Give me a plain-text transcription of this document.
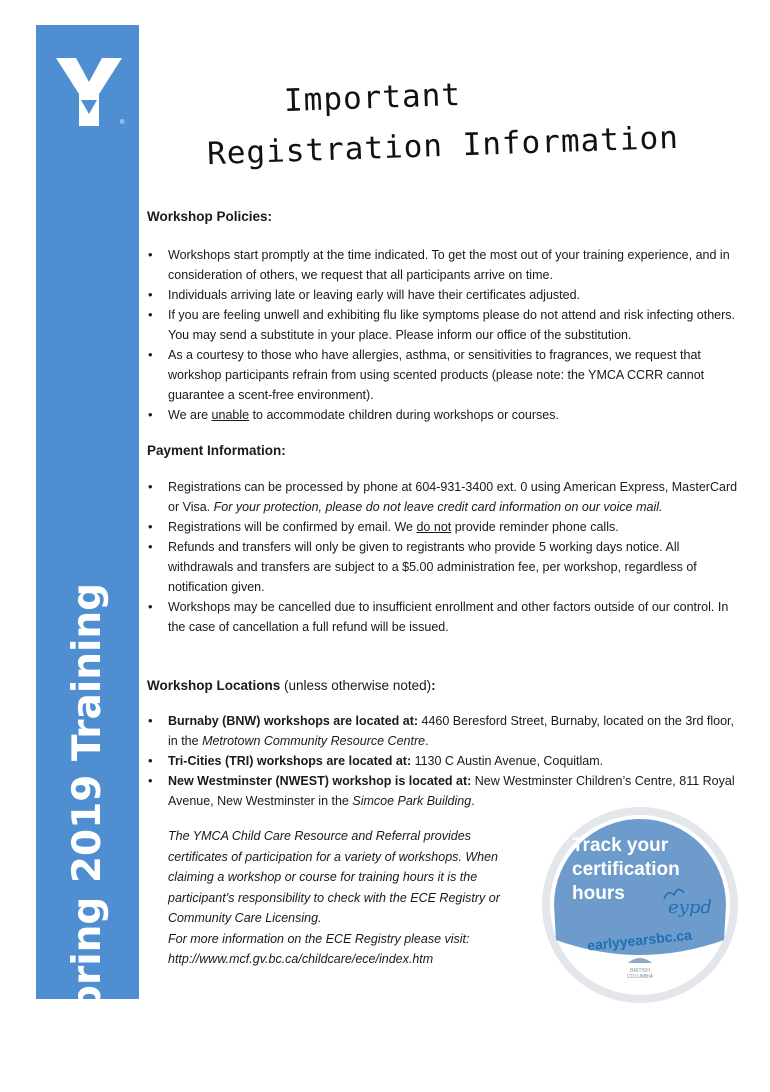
®
Spring 2019 Training
Important
Registration Information
Workshop Policies:
• Workshops start promptly at the time indicated. To get the most out of your training experience, and in consideration of others, we request that all participants arrive on time.
• Individuals arriving late or leaving early will have their certificates adjusted.
• If you are feeling unwell and exhibiting flu like symptoms please do not attend and risk infecting others. You may send a substitute in your place. Please inform our office of the substitution.
• As a courtesy to those who have allergies, asthma, or sensitivities to fragrances, we request that workshop participants refrain from using scented products (please note: the YMCA CCRR cannot guarantee a scent-free environment).
• We are unable to accommodate children during workshops or courses.
Payment Information:
• Registrations can be processed by phone at 604-931-3400 ext. 0 using American Express, MasterCard or Visa. For your protection, please do not leave credit card information on our voice mail.
• Registrations will be confirmed by email. We do not provide reminder phone calls.
• Refunds and transfers will only be given to registrants who provide 5 working days notice. All withdrawals and transfers are subject to a $5.00 administration fee, per workshop, regardless of notification given.
• Workshops may be cancelled due to insufficient enrollment and other factors outside of our control. In the case of cancellation a full refund will be issued.
Workshop Locations (unless otherwise noted):
• Burnaby (BNW) workshops are located at: 4460 Beresford Street, Burnaby, located on the 3rd floor, in the Metrotown Community Resource Centre.
• Tri-Cities (TRI) workshops are located at: 1130 C Austin Avenue, Coquitlam.
• New Westminster (NWEST) workshop is located at: New Westminster Children’s Centre, 811 Royal Avenue, New Westminster in the Simcoe Park Building.

The YMCA Child Care Resource and Referral provides certificates of participation for a variety of workshops. When claiming a workshop or course for training hours it is the participant’s responsibility to check with the ECE Registry or Community Care Licensing.

For more information on the ECE Registry please visit: http://www.mcf.gv.bc.ca/childcare/ece/index.htm

Track your
certification
hours
eypd
earlyyearsbc.ca
BRITISH
COLUMBIA
